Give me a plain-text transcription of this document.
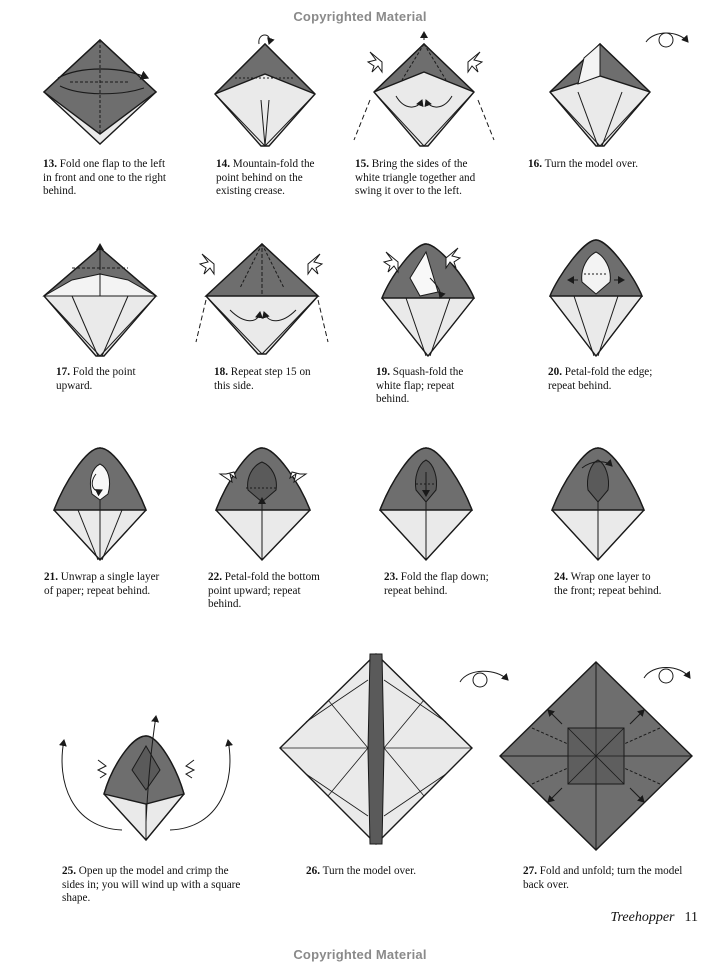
Copyrighted Material
13. Fold one flap to the left in front and one to the right behind.
14. Mountain-fold the point behind on the existing crease.
15. Bring the sides of the white triangle together and swing it over to the left.
16. Turn the model over.
17. Fold the point upward.
18. Repeat step 15 on this side.
19. Squash-fold the white flap; repeat behind.
20. Petal-fold the edge; repeat behind.
21. Unwrap a single layer of paper; repeat behind.
22. Petal-fold the bottom point upward; repeat behind.
23. Fold the flap down; repeat behind.
24. Wrap one layer to the front; repeat behind.
25. Open up the model and crimp the sides in; you will wind up with a square shape.
26. Turn the model over.	27. Fold and unfold; turn the model back over.
Treehopper 11
Copyrighted Material
